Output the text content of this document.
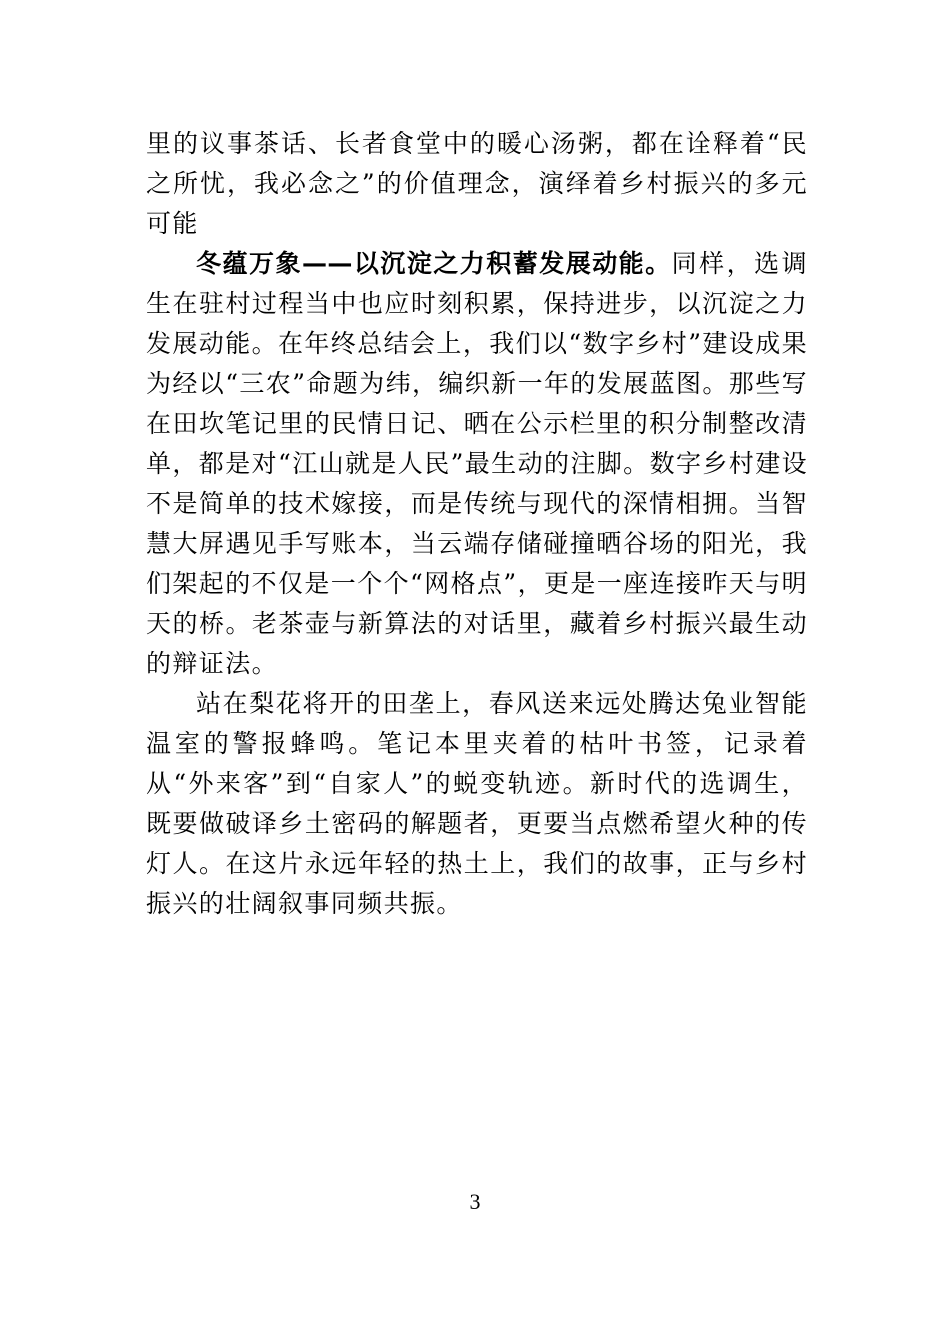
里的议事茶话、长者食堂中的暖心汤粥，都在诠释着“民之所忧，我必念之”的价值理念，演绎着乡村振兴的多元可能

冬蕴万象——以沉淀之力积蓄发展动能。同样，选调生在驻村过程当中也应时刻积累，保持进步，以沉淀之力发展动能。在年终总结会上，我们以“数字乡村”建设成果为经以“三农”命题为纬，编织新一年的发展蓝图。那些写在田坎笔记里的民情日记、晒在公示栏里的积分制整改清单，都是对“江山就是人民”最生动的注脚。数字乡村建设不是简单的技术嫁接，而是传统与现代的深情相拥。当智慧大屏遇见手写账本，当云端存储碰撞晒谷场的阳光，我们架起的不仅是一个个“网格点”，更是一座连接昨天与明天的桥。老茶壶与新算法的对话里，藏着乡村振兴最生动的辩证法。

站在梨花将开的田垄上，春风送来远处腾达兔业智能温室的警报蜂鸣。笔记本里夹着的枯叶书签，记录着从“外来客”到“自家人”的蜕变轨迹。新时代的选调生，既要做破译乡土密码的解题者，更要当点燃希望火种的传灯人。在这片永远年轻的热土上，我们的故事，正与乡村振兴的壮阔叙事同频共振。

3
